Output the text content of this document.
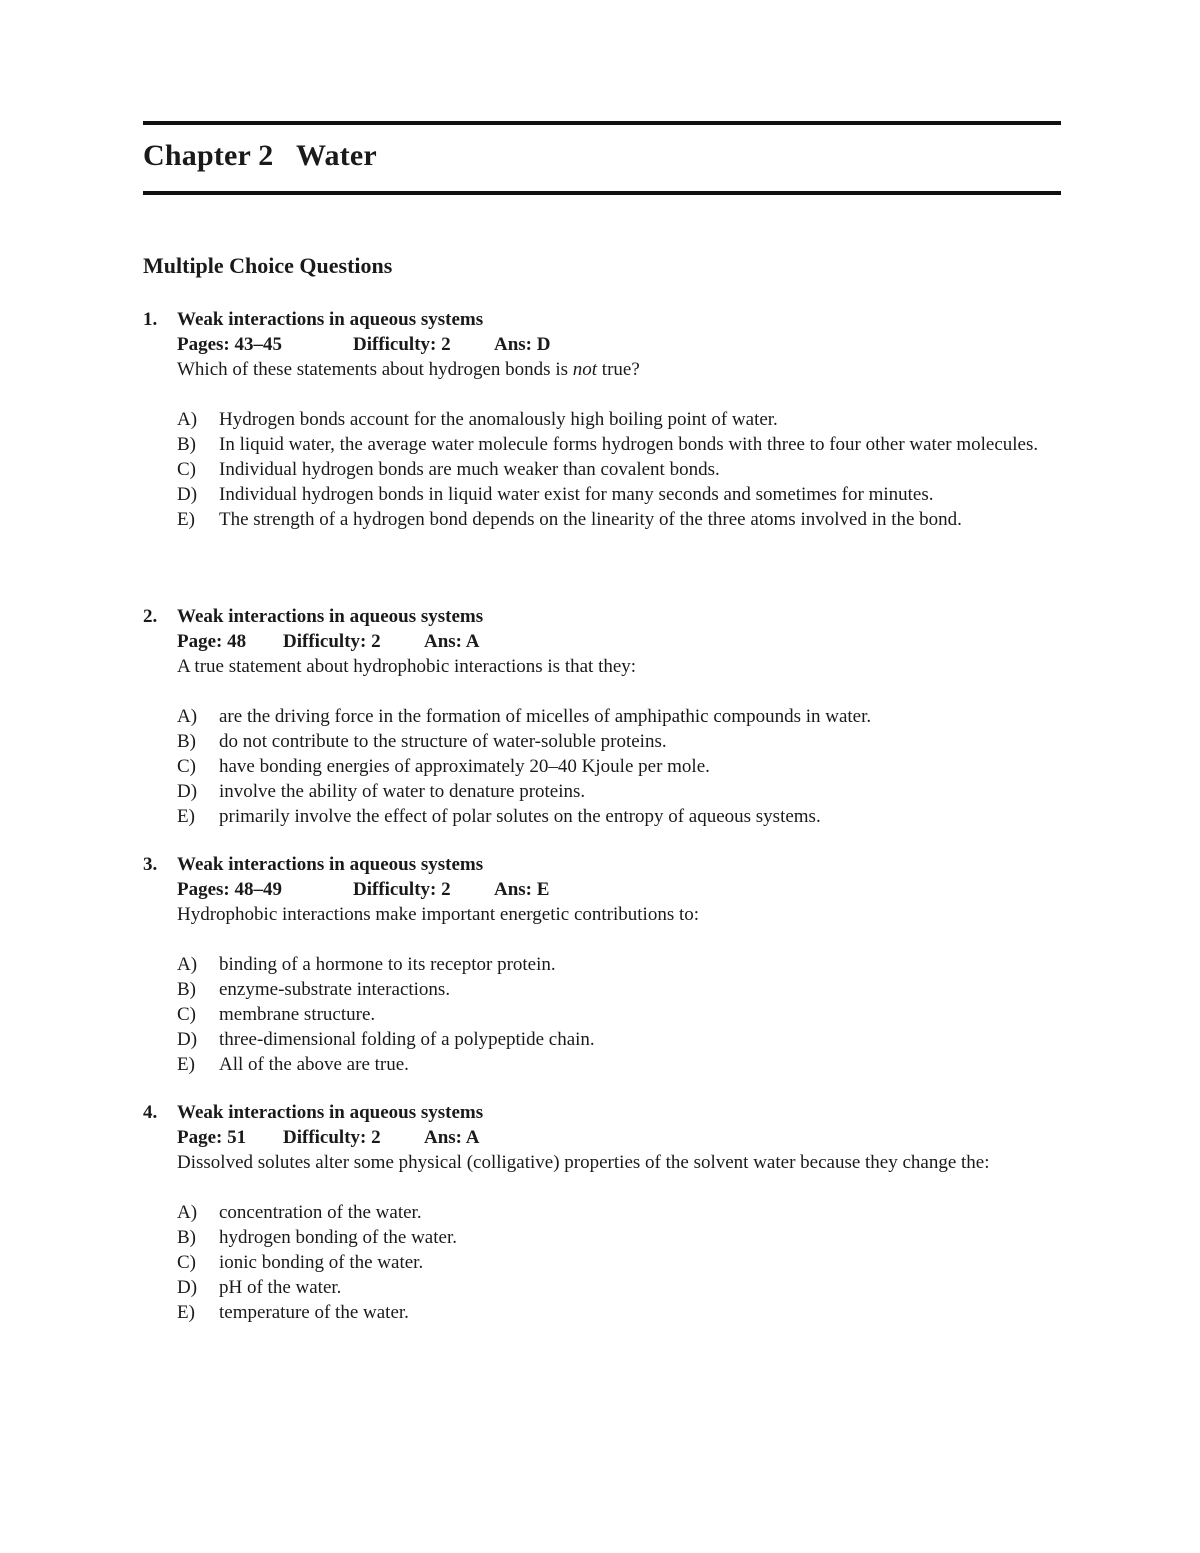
Chapter 2   Water
Multiple Choice Questions
1. Weak interactions in aqueous systems
Pages: 43–45	Difficulty: 2 Ans: D
Which of these statements about hydrogen bonds is not true?
A) Hydrogen bonds account for the anomalously high boiling point of water.
B) In liquid water, the average water molecule forms hydrogen bonds with three to four other water molecules.
C) Individual hydrogen bonds are much weaker than covalent bonds.
D) Individual hydrogen bonds in liquid water exist for many seconds and sometimes for minutes.
E) The strength of a hydrogen bond depends on the linearity of the three atoms involved in the bond.
2. Weak interactions in aqueous systems
Page: 48 Difficulty: 2 Ans: A
A true statement about hydrophobic interactions is that they:
A) are the driving force in the formation of micelles of amphipathic compounds in water.
B) do not contribute to the structure of water-soluble proteins.
C) have bonding energies of approximately 20–40 Kjoule per mole.
D) involve the ability of water to denature proteins.
E) primarily involve the effect of polar solutes on the entropy of aqueous systems.
3. Weak interactions in aqueous systems
Pages: 48–49	Difficulty: 2 Ans: E
Hydrophobic interactions make important energetic contributions to:
A) binding of a hormone to its receptor protein.
B) enzyme-substrate interactions.
C) membrane structure.
D) three-dimensional folding of a polypeptide chain.
E) All of the above are true.
4. Weak interactions in aqueous systems
Page: 51 Difficulty: 2 Ans: A
Dissolved solutes alter some physical (colligative) properties of the solvent water because they change the:
A) concentration of the water.
B) hydrogen bonding of the water.
C) ionic bonding of the water.
D) pH of the water.
E) temperature of the water.
